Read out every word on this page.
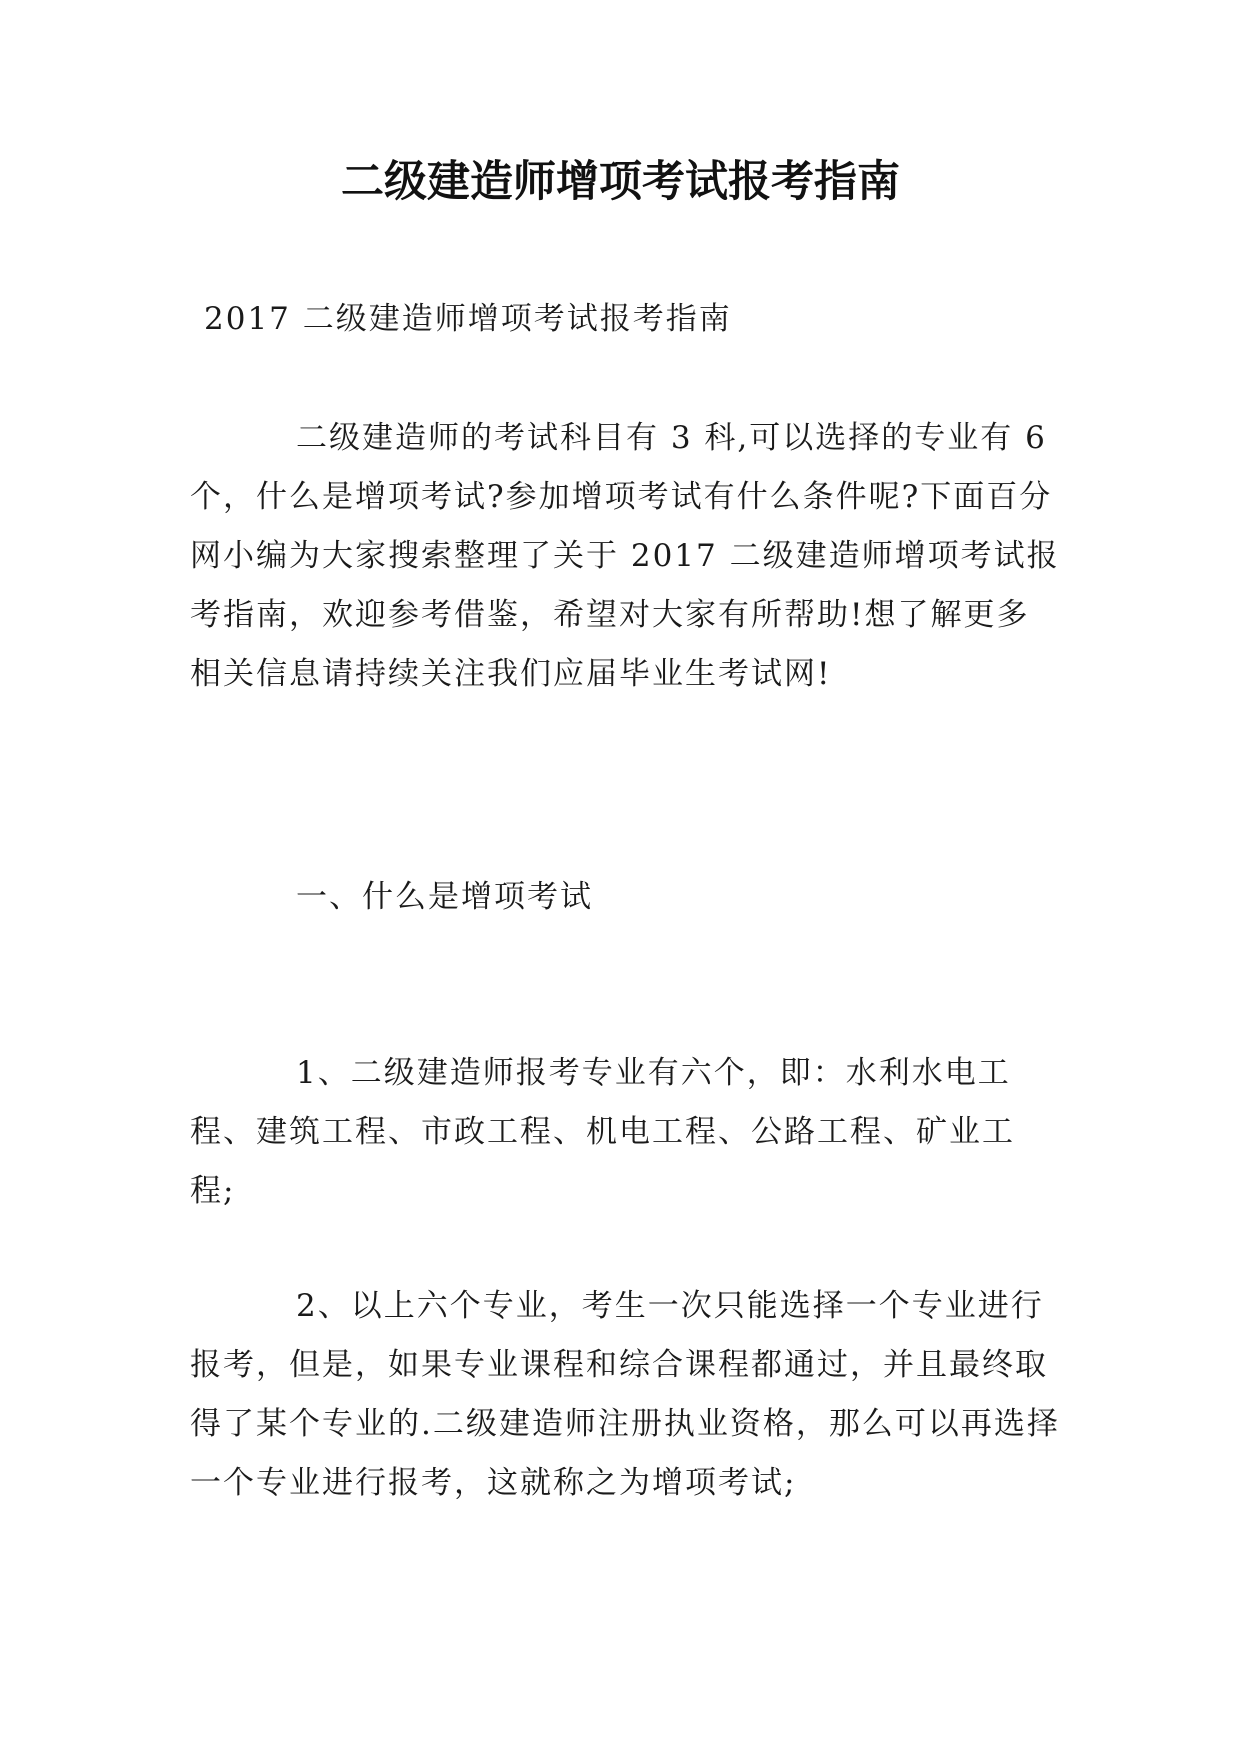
二级建造师增项考试报考指南

2017 二级建造师增项考试报考指南

二级建造师的考试科目有 3 科,可以选择的专业有 6 个，什么是增项考试?参加增项考试有什么条件呢?下面百分网小编为大家搜索整理了关于 2017 二级建造师增项考试报考指南，欢迎参考借鉴，希望对大家有所帮助!想了解更多相关信息请持续关注我们应届毕业生考试网!

一、什么是增项考试

1、二级建造师报考专业有六个，即：水利水电工程、建筑工程、市政工程、机电工程、公路工程、矿业工程;

2、以上六个专业，考生一次只能选择一个专业进行报考，但是，如果专业课程和综合课程都通过，并且最终取得了某个专业的.二级建造师注册执业资格，那么可以再选择一个专业进行报考，这就称之为增项考试;
